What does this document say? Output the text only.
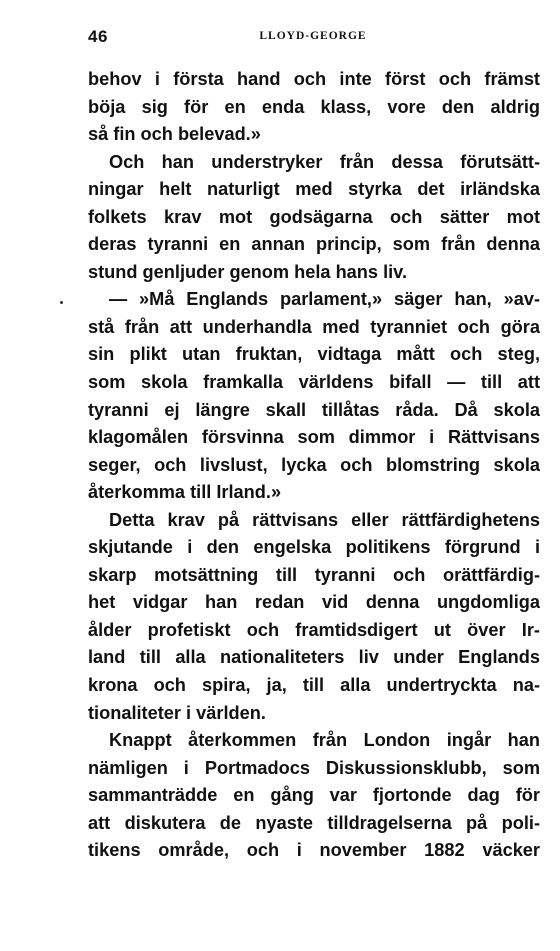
46	LLOYD-GEORGE
behov i första hand och inte först och främst
böja sig för en enda klass, vore den aldrig
så fin och belevad.»
Och han understryker från dessa förutsätt-
ningar helt naturligt med styrka det irländska
folkets krav mot godsägarna och sätter mot
deras tyranni en annan princip, som från denna
stund genljuder genom hela hans liv.
— »Må Englands parlament,» säger han, »av-
stå från att underhandla med tyranniet och göra
sin plikt utan fruktan, vidtaga mått och steg,
som skola framkalla världens bifall — till att
tyranni ej längre skall tillåtas råda. Då skola
klagomålen försvinna som dimmor i Rättvisans
seger, och livslust, lycka och blomstring skola
återkomma till Irland.»
Detta krav på rättvisans eller rättfärdighetens
skjutande i den engelska politikens förgrund i
skarp motsättning till tyranni och orättfärdig-
het vidgar han redan vid denna ungdomliga
ålder profetiskt och framtidsdigert ut över Ir-
land till alla nationaliteters liv under Englands
krona och spira, ja, till alla undertryckta na-
tionaliteter i världen.
Knappt återkommen från London ingår han
nämligen i Portmadocs Diskussionsklubb, som
sammanträdde en gång var fjortonde dag för
att diskutera de nyaste tilldragelserna på poli-
tikens område, och i november 1882 väcker
